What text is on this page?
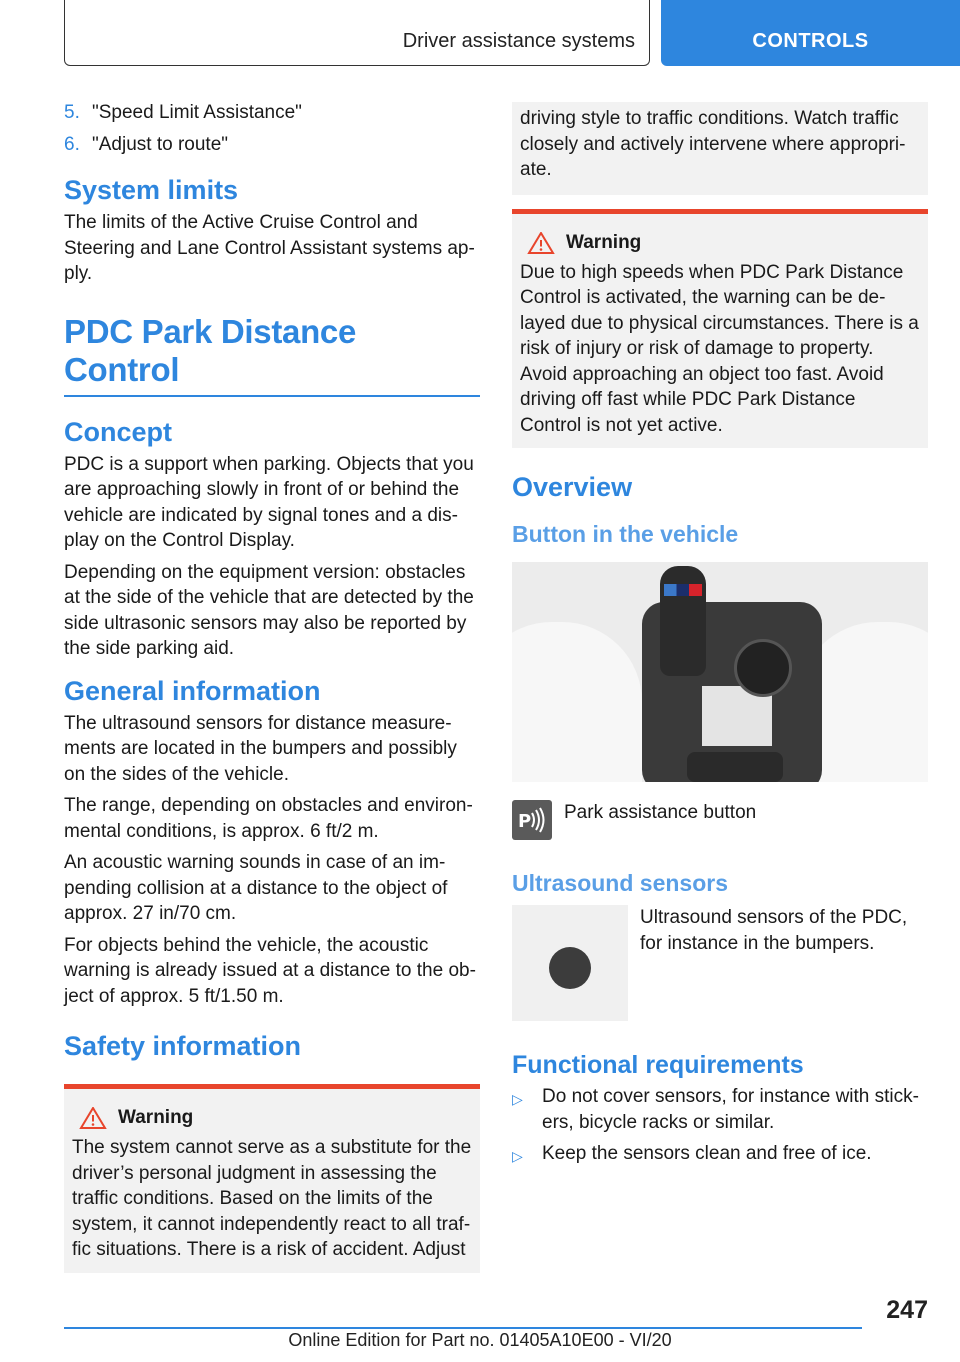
Driver assistance systems	CONTROLS
5. "Speed Limit Assistance"
6. "Adjust to route"
System limits

The limits of the Active Cruise Control and Steering and Lane Control Assistant systems apply.

PDC Park Distance Control
Concept

PDC is a support when parking. Objects that you are approaching slowly in front of or behind the vehicle are indicated by signal tones and a display on the Control Display.

Depending on the equipment version: obstacles at the side of the vehicle that are detected by the side ultrasonic sensors may also be reported by the side parking aid.

General information

The ultrasound sensors for distance measurements are located in the bumpers and possibly on the sides of the vehicle.

The range, depending on obstacles and environmental conditions, is approx. 6 ft/2 m.

An acoustic warning sounds in case of an impending collision at a distance to the object of approx. 27 in/70 cm.

For objects behind the vehicle, the acoustic warning is already issued at a distance to the object of approx. 5 ft/1.50 m.

Safety information
Warning

The system cannot serve as a substitute for the driver’s personal judgment in assessing the traffic conditions. Based on the limits of the system, it cannot independently react to all traffic situations. There is a risk of accident. Adjust

driving style to traffic conditions. Watch traffic closely and actively intervene where appropriate.

Warning

Due to high speeds when PDC Park Distance Control is activated, the warning can be delayed due to physical circumstances. There is a risk of injury or risk of damage to property. Avoid approaching an object too fast. Avoid driving off fast while PDC Park Distance Control is not yet active.

Overview
Button in the vehicle
P Park assistance button
Ultrasound sensors

Ultrasound sensors of the PDC, for instance in the bumpers.

Functional requirements
▷	Do not cover sensors, for instance with stickers, bicycle racks or similar.
▷	Keep the sensors clean and free of ice.
247
Online Edition for Part no. 01405A10E00 - VI/20
